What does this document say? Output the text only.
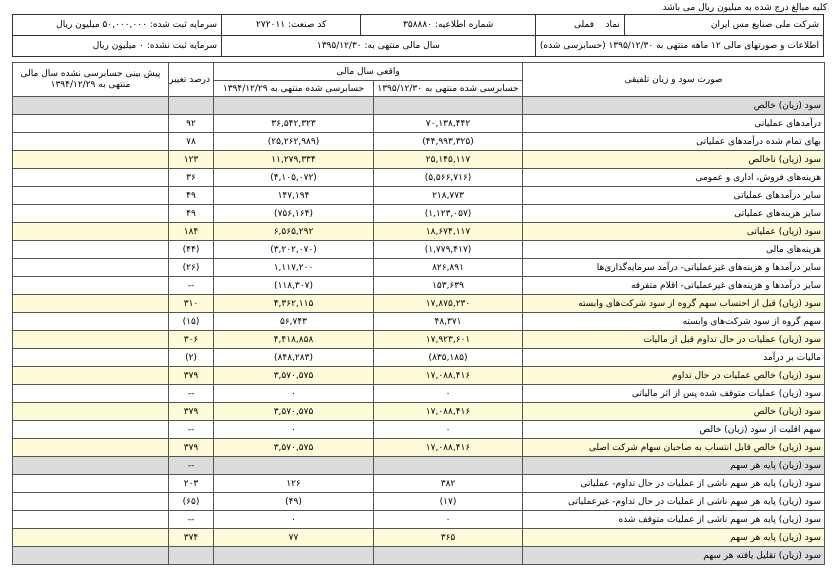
کلیه مبالغ درج شده به میلیون ریال می باشد
شرکت ملی صنایع مس ایران	نماد    فملی	شماره اطلاعیه: ۳۵۸۸۸۰	کد صنعت: ۲۷۲۰۱۱	سرمایه ثبت شده: ۵۰,۰۰۰,۰۰۰ میلیون ریال
اطلاعات و صورتهای مالی ۱۲ ماهه منتهی به ۱۳۹۵/۱۲/۳۰ (حسابرسی شده)		سال مالی منتهی به: ۱۳۹۵/۱۲/۳۰		سرمایه ثبت نشده: ۰ میلیون ریال
صورت سود و زیان تلفیقی	واقعی سال مالی		درصد تغییر	پیش بینی حسابرسی نشده سال مالی منتهی به ۱۳۹۴/۱۲/۲۹
	حسابرسی شده منتهی به ۱۳۹۵/۱۲/۳۰	حسابرسی شده منتهی به ۱۳۹۴/۱۲/۲۹		
سود (زیان) خالص				
درآمدهای عملیاتی	۷۰,۱۳۸,۴۴۲	۳۶,۵۴۲,۳۲۳	۹۲	
بهای تمام شده درآمدهای عملیاتی	(۴۴,۹۹۳,۳۲۵)	(۲۵,۲۶۲,۹۸۹)	۷۸	
سود (زیان) ناخالص	۲۵,۱۴۵,۱۱۷	۱۱,۲۷۹,۳۳۴	۱۲۳	
هزینه‌های فروش، اداری و عمومی	(۵,۵۶۶,۷۱۶)	(۴,۱۰۵,۰۷۲)	۳۶	
سایر درآمدهای عملیاتی	۲۱۸,۷۷۳	۱۴۷,۱۹۴	۴۹	
سایر هزینه‌های عملیاتی	(۱,۱۲۳,۰۵۷)	(۷۵۶,۱۶۴)	۴۹	
سود (زیان) عملیاتی	۱۸,۶۷۴,۱۱۷	۶,۵۶۵,۲۹۲	۱۸۴	
هزینه‌های مالی	(۱,۷۷۹,۴۱۷)	(۳,۲۰۲,۰۷۰)	(۴۴)	
سایر درآمدها و هزینه‌های غیرعملیاتی- درآمد سرمایه‌گذاری‌ها	۸۲۶,۸۹۱	۱,۱۱۷,۲۰۰	(۲۶)	
سایر درآمدها و هزینه‌های غیرعملیاتی- اقلام متفرقه	۱۵۳,۶۳۹	(۱۱۸,۳۰۷)	--	
سود (زیان) قبل از احتساب سهم گروه از سود شرکت‌های وابسته	۱۷,۸۷۵,۲۳۰	۴,۳۶۲,۱۱۵	۳۱۰	
سهم گروه از سود شرکت‌های وابسته	۴۸,۳۷۱	۵۶,۷۴۳	(۱۵)	
سود (زیان) عملیات در حال تداوم قبل از مالیات	۱۷,۹۲۳,۶۰۱	۴,۴۱۸,۸۵۸	۳۰۶	
مالیات بر درآمد	(۸۳۵,۱۸۵)	(۸۴۸,۲۸۳)	(۲)	
سود (زیان) خالص عملیات در حال تداوم	۱۷,۰۸۸,۴۱۶	۳,۵۷۰,۵۷۵	۳۷۹	
سود (زیان) عملیات متوقف شده پس از اثر مالیاتی	۰	۰	--	
سود (زیان) خالص	۱۷,۰۸۸,۴۱۶	۳,۵۷۰,۵۷۵	۳۷۹	
سهم اقلیت از سود (زیان) خالص	۰	۰	--	
سود (زیان) خالص قابل انتساب به صاحبان سهام شرکت اصلی	۱۷,۰۸۸,۴۱۶	۳,۵۷۰,۵۷۵	۳۷۹	
سود (زیان) پایه هر سهم			--	
سود (زیان) پایه هر سهم ناشی از عملیات در حال تداوم- عملیاتی	۳۸۲	۱۲۶	۲۰۳	
سود (زیان) پایه هر سهم ناشی از عملیات در حال تداوم- غیرعملیاتی	(۱۷)	(۴۹)	(۶۵)	
سود (زیان) پایه هر سهم ناشی از عملیات متوقف شده	۰	۰	--	
سود (زیان) پایه هر سهم	۳۶۵	۷۷	۳۷۴	
سود (زیان) تقلیل یافته هر سهم				
